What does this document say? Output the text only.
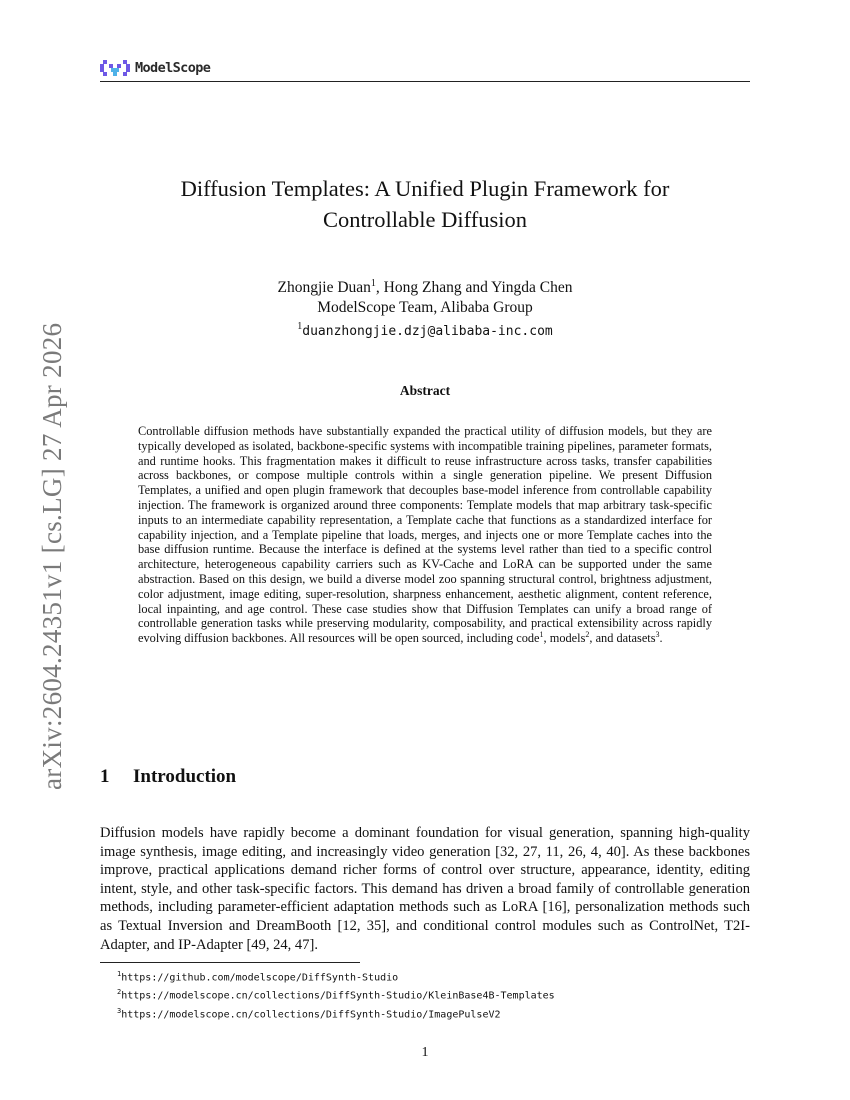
ModelScope
arXiv:2604.24351v1 [cs.LG] 27 Apr 2026
Diffusion Templates: A Unified Plugin Framework for
Controllable Diffusion
Zhongjie Duan$^1$, Hong Zhang and Yingda Chen
ModelScope Team, Alibaba Group
$^1$duanzhongjie.dzj@alibaba-inc.com
Abstract
Controllable diffusion methods have substantially expanded the practical utility of diffusion models, but they are typically developed as isolated, backbone-specific systems with incompatible training pipelines, parameter formats, and runtime hooks. This fragmentation makes it difficult to reuse infrastructure across tasks, transfer capabilities across backbones, or compose multiple controls within a single generation pipeline. We present Diffusion Templates, a unified and open plugin framework that decouples base-model inference from controllable capability injection. The framework is organized around three components: Template models that map arbitrary task-specific inputs to an intermediate capability representation, a Template cache that functions as a standardized interface for capability injection, and a Template pipeline that loads, merges, and injects one or more Template caches into the base diffusion runtime. Because the interface is defined at the systems level rather than tied to a specific control architecture, heterogeneous capability carriers such as KV-Cache and LoRA can be supported under the same abstraction. Based on this design, we build a diverse model zoo spanning structural control, brightness adjustment, color adjustment, image editing, super-resolution, sharpness enhancement, aesthetic alignment, content reference, local inpainting, and age control. These case studies show that Diffusion Templates can unify a broad range of controllable generation tasks while preserving modularity, composability, and practical extensibility across rapidly evolving diffusion backbones. All resources will be open sourced, including code$^1$, models$^2$, and datasets$^3$.
1 Introduction
Diffusion models have rapidly become a dominant foundation for visual generation, spanning high-quality image synthesis, image editing, and increasingly video generation [32, 27, 11, 26, 4, 40]. As these backbones improve, practical applications demand richer forms of control over structure, appearance, identity, editing intent, style, and other task-specific factors. This demand has driven a broad family of controllable generation methods, including parameter-efficient adaptation methods such as LoRA [16], personalization methods such as Textual Inversion and DreamBooth [12, 35], and conditional control modules such as ControlNet, T2I-Adapter, and IP-Adapter [49, 24, 47].
$^1$https://github.com/modelscope/DiffSynth-Studio
$^2$https://modelscope.cn/collections/DiffSynth-Studio/KleinBase4B-Templates
$^3$https://modelscope.cn/collections/DiffSynth-Studio/ImagePulseV2
1
